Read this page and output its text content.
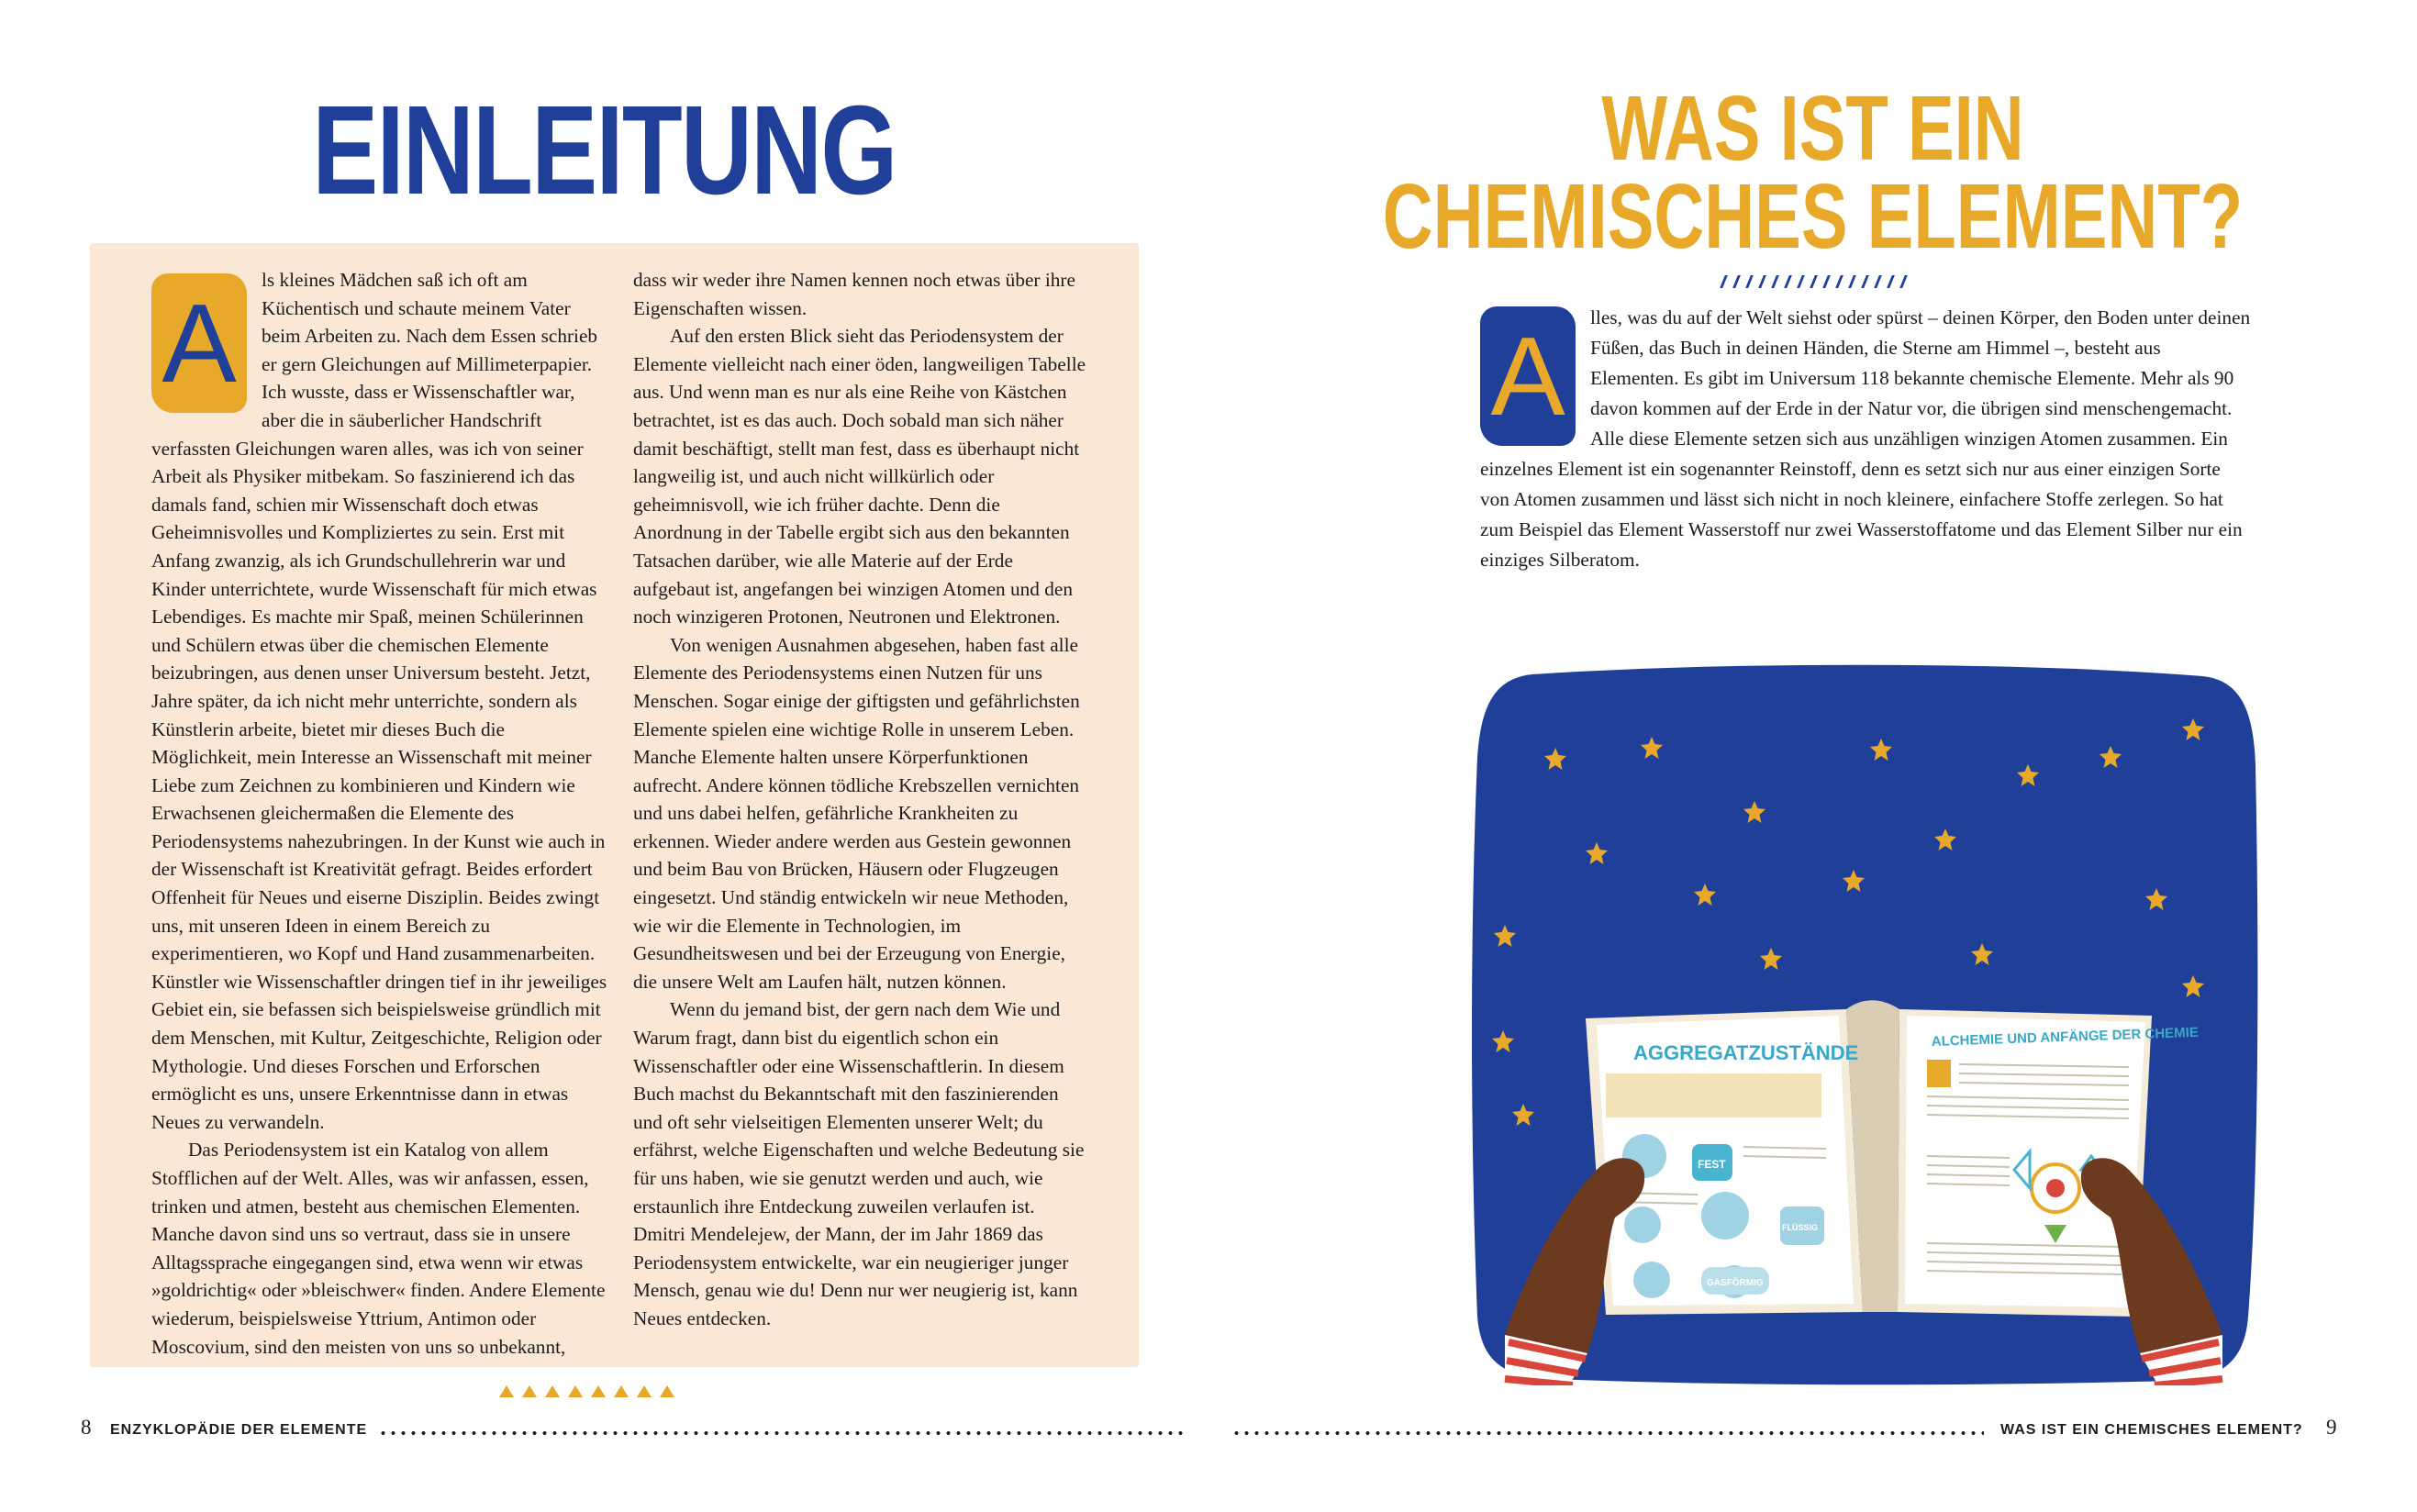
EINLEITUNG

A
ls kleines Mädchen saß ich oft am Küchentisch und schaute meinem Vater beim Arbeiten zu. Nach dem Essen schrieb er gern Gleichungen auf Millimeterpapier. Ich wusste, dass er Wissenschaftler war, aber die in säuberlicher Handschrift verfassten Gleichungen waren alles, was ich von seiner Arbeit als Physiker mitbekam. So faszinierend ich das damals fand, schien mir Wissenschaft doch etwas Geheimnisvolles und Kompliziertes zu sein. Erst mit Anfang zwanzig, als ich Grundschullehrerin war und Kinder unterrichtete, wurde Wissenschaft für mich etwas Lebendiges. Es machte mir Spaß, meinen Schülerinnen und Schülern etwas über die chemischen Elemente beizubringen, aus denen unser Universum besteht. Jetzt, Jahre später, da ich nicht mehr unterrichte, sondern als Künstlerin arbeite, bietet mir dieses Buch die Möglichkeit, mein Interesse an Wissenschaft mit meiner Liebe zum Zeichnen zu kombinieren und Kindern wie Erwachsenen gleichermaßen die Elemente des Periodensystems nahezubringen. In der Kunst wie auch in der Wissenschaft ist Kreativität gefragt. Beides erfordert Offenheit für Neues und eiserne Disziplin. Beides zwingt uns, mit unseren Ideen in einem Bereich zu experimentieren, wo Kopf und Hand zusammenarbeiten. Künstler wie Wissenschaftler dringen tief in ihr jeweiliges Gebiet ein, sie befassen sich beispielsweise gründlich mit dem Menschen, mit Kultur, Zeitgeschichte, Religion oder Mythologie. Und dieses Forschen und Erforschen ermöglicht es uns, unsere Erkenntnisse dann in etwas Neues zu verwandeln.

Das Periodensystem ist ein Katalog von allem Stofflichen auf der Welt. Alles, was wir anfassen, essen, trinken und atmen, besteht aus chemischen Elementen. Manche davon sind uns so vertraut, dass sie in unsere Alltagssprache eingegangen sind, etwa wenn wir etwas »goldrichtig« oder »bleischwer« finden. Andere Elemente wiederum, beispielsweise Yttrium, Antimon oder Moscovium, sind den meisten von uns so unbekannt,

dass wir weder ihre Namen kennen noch etwas über ihre Eigenschaften wissen.

Auf den ersten Blick sieht das Periodensystem der Elemente vielleicht nach einer öden, langweiligen Tabelle aus. Und wenn man es nur als eine Reihe von Kästchen betrachtet, ist es das auch. Doch sobald man sich näher damit beschäftigt, stellt man fest, dass es überhaupt nicht langweilig ist, und auch nicht willkürlich oder geheimnisvoll, wie ich früher dachte. Denn die Anordnung in der Tabelle ergibt sich aus den bekannten Tatsachen darüber, wie alle Materie auf der Erde aufgebaut ist, angefangen bei winzigen Atomen und den noch winzigeren Protonen, Neutronen und Elektronen.

Von wenigen Ausnahmen abgesehen, haben fast alle Elemente des Periodensystems einen Nutzen für uns Menschen. Sogar einige der giftigsten und gefährlichsten Elemente spielen eine wichtige Rolle in unserem Leben. Manche Elemente halten unsere Körperfunktionen aufrecht. Andere können tödliche Krebszellen vernichten und uns dabei helfen, gefährliche Krankheiten zu erkennen. Wieder andere werden aus Gestein gewonnen und beim Bau von Brücken, Häusern oder Flugzeugen eingesetzt. Und ständig entwickeln wir neue Methoden, wie wir die Elemente in Technologien, im Gesundheitswesen und bei der Erzeugung von Energie, die unsere Welt am Laufen hält, nutzen können.

Wenn du jemand bist, der gern nach dem Wie und Warum fragt, dann bist du eigentlich schon ein Wissenschaftler oder eine Wissenschaftlerin. In diesem Buch machst du Bekanntschaft mit den faszinierenden und oft sehr vielseitigen Elementen unserer Welt; du erfährst, welche Eigenschaften und welche Bedeutung sie für uns haben, wie sie genutzt werden und auch, wie erstaunlich ihre Entdeckung zuweilen verlaufen ist. Dmitri Mendelejew, der Mann, der im Jahr 1869 das Periodensystem entwickelte, war ein neugieriger junger Mensch, genau wie du! Denn nur wer neugierig ist, kann Neues entdecken.

8 ENZYKLOPÄDIE DER ELEMENTE
WAS IST EIN
CHEMISCHES ELEMENT?

A	lles, was du auf der Welt siehst oder spürst – deinen Körper, den Boden unter deinen Füßen, das Buch in deinen Händen, die Sterne am Himmel –, besteht aus Elementen. Es gibt im Universum 118 bekannte chemische Elemente. Mehr als 90 davon kommen auf der Erde in der Natur vor, die übrigen sind menschengemacht. Alle diese Elemente setzen sich aus unzähligen winzigen Atomen zusammen. Ein einzelnes Element ist ein sogenannter Reinstoff, denn es setzt sich nur aus einer einzigen Sorte von Atomen zusammen und lässt sich nicht in noch kleinere, einfachere Stoffe zerlegen. So hat zum Beispiel das Element Wasserstoff nur zwei Wasserstoffatome und das Element Silber nur ein einziges Silberatom.

AGGREGATZUSTÄNDE
ALCHEMIE UND ANFÄNGE DER CHEMIE
FEST
FLÜSSIG
GASFÖRMIG
WAS IST EIN CHEMISCHES ELEMENT? 9
